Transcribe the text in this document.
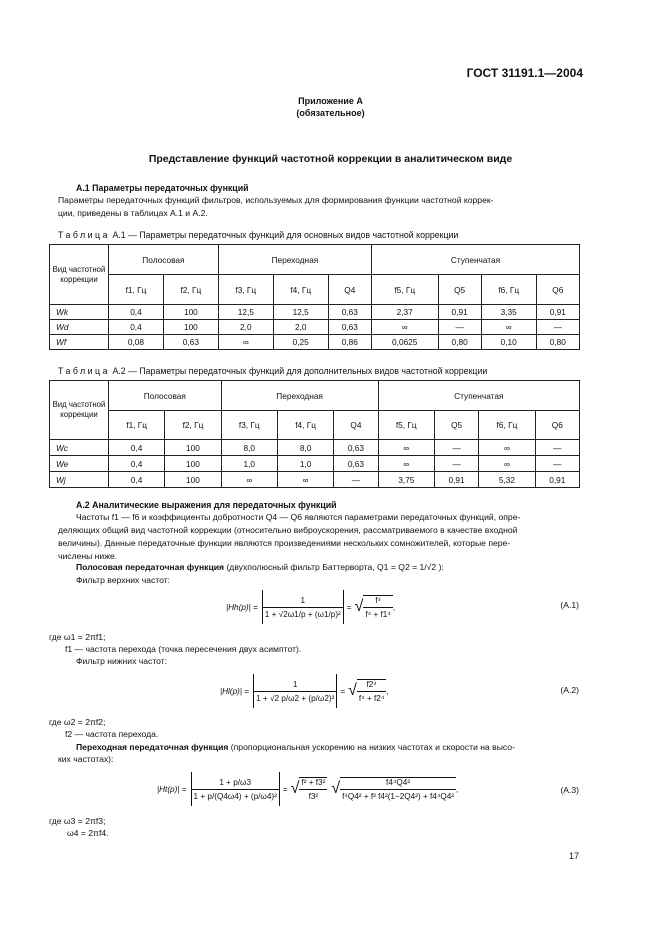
ГОСТ 31191.1—2004
Приложение А
(обязательное)
Представление функций частотной коррекции в аналитическом виде
А.1 Параметры передаточных функций
Параметры передаточных функций фильтров, используемых для формирования функции частотной коррек-
ции, приведены в таблицах А.1 и А.2.
Таблица А.1 — Параметры передаточных функций для основных видов частотной коррекции
Вид частотной коррекции	Полосовая		Переходная			Ступенчатая			
	f1, Гц	f2, Гц	f3, Гц	f4, Гц	Q4	f5, Гц	Q5	f6, Гц	Q6
Wk	0,4	100	12,5	12,5	0,63	2,37	0,91	3,35	0,91
Wd	0,4	100	2,0	2,0	0,63	∞	—	∞	—
Wf	0,08	0,63	∞	0,25	0,86	0,0625	0,80	0,10	0,80
Таблица А.2 — Параметры передаточных функций для дополнительных видов частотной коррекции
Вид частотной коррекции	Полосовая		Переходная			Ступенчатая			
	f1, Гц	f2, Гц	f3, Гц	f4, Гц	Q4	f5, Гц	Q5	f6, Гц	Q6
Wc	0,4	100	8,0	8,0	0,63	∞	—	∞	—
We	0,4	100	1,0	1,0	0,63	∞	—	∞	—
Wj	0,4	100	∞	∞	—	3,75	0,91	5,32	0,91
А.2 Аналитические выражения для передаточных функций
Частоты f1 — f6 и коэффициенты добротности Q4 — Q6 являются параметрами передаточных функций, опре-
деляющих общий вид частотной коррекции (относительно виброускорения, рассматриваемого в качестве входной
величины). Данные передаточные функции являются произведениями нескольких сомножителей, которые пере-
числены ниже.
Полосовая передаточная функция (двухполюсный фильтр Баттерворта, Q1 = Q2 = 1/√2 ):
Фильтр верхних частот:
$|Hh(p)| = \frac{1}{\text{1 + √2ω1/p + (ω1/p)²}}$ = √ $\frac{\text{f⁴}}{\text{f⁴ + f1⁴}}$ ,	(А.1)
где ω1 = 2πf1;
f1 — частота перехода (точка пересечения двух асимптот).
Фильтр нижних частот:
$|Hl(p)| = \frac{1}{\text{1 + √2 p/ω2 + (p/ω2)²}}$ = √ $\frac{\text{f2⁴}}{\text{f⁴ + f2⁴}}$ ,	(А.2)
где ω2 = 2πf2;
f2 — частота перехода.
Переходная передаточная функция (пропорциональная ускорению на низких частотах и скорости на высо-
ких частотах):
$|Ht(p)| = \frac{1 + p/\omega 3}{\text{1 + p/(Q4ω4) + (p/ω4)²}}$ = √ $\frac{\text{f² + f3²}}{\text{f3²}}$ √ $\frac{\text{f4⁴Q4²}}{\text{f⁴Q4² + f² f4²(1−2Q4²) + f4⁴Q4²}}$ ,	(А.3)
где ω3 = 2πf3;
ω4 = 2πf4.
17
